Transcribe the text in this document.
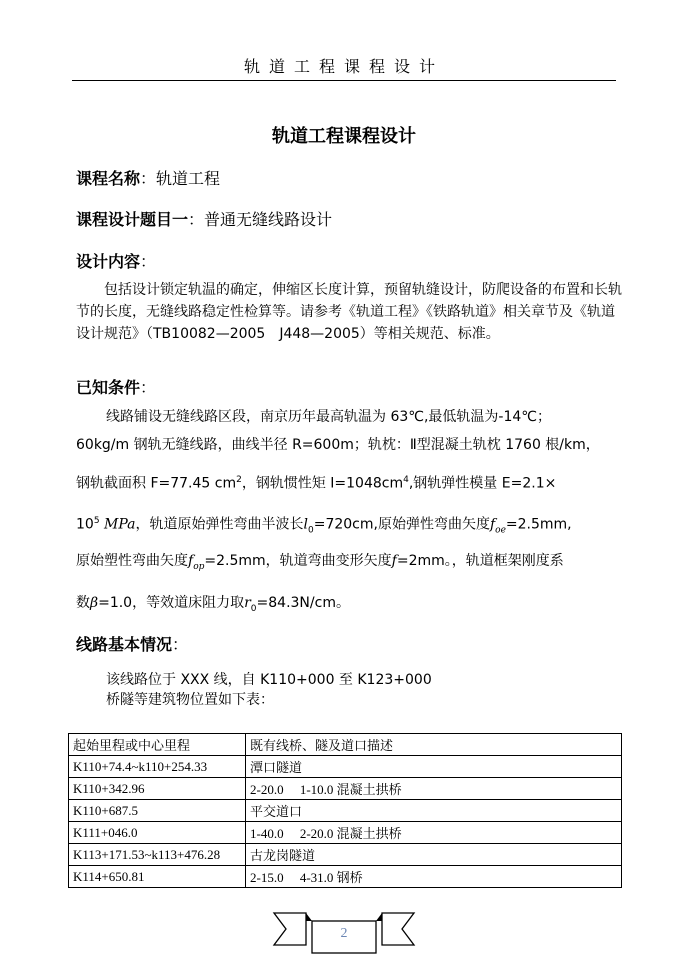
轨道工程课程设计
轨道工程课程设计
课程名称：轨道工程
课程设计题目一：普通无缝线路设计
设计内容：

包括设计锁定轨温的确定，伸缩区长度计算，预留轨缝设计，防爬设备的布置和长轨节的长度，无缝线路稳定性检算等。请参考《轨道工程》《铁路轨道》相关章节及《轨道设计规范》（TB10082—2005　J448—2005）等相关规范、标准。

已知条件：
线路铺设无缝线路区段，南京历年最高轨温为 63℃,最低轨温为-14℃；
60kg/m 钢轨无缝线路，曲线半径 R=600m；轨枕：Ⅱ型混凝土轨枕 1760 根/km，
钢轨截面积 F=77.45 $cm^2$，钢轨惯性矩 $I=1048cm^4$,钢轨弹性模量 E=2.1×
$10^5$ MPa，轨道原始弹性弯曲半波长$l_0=720cm$,原始弹性弯曲矢度$f_{oe}=2.5mm$,
原始塑性弯曲矢度$f_{op}=2.5mm$，轨道弯曲变形矢度f=2mm。，轨道框架刚度系
数β=1.0，等效道床阻力取$r_0=84.3N/cm$。
线路基本情况：
该线路位于 XXX 线，自 K110+000 至 K123+000
桥隧等建筑物位置如下表：
起始里程或中心里程	既有线桥、隧及道口描述
K110+74.4~k110+254.33	潭口隧道
K110+342.96	2-20.0　 1-10.0 混凝土拱桥
K110+687.5	平交道口
K111+046.0	1-40.0　 2-20.0 混凝土拱桥
K113+171.53~k113+476.28	古龙岗隧道
K114+650.81	2-15.0　 4-31.0 钢桥
2
